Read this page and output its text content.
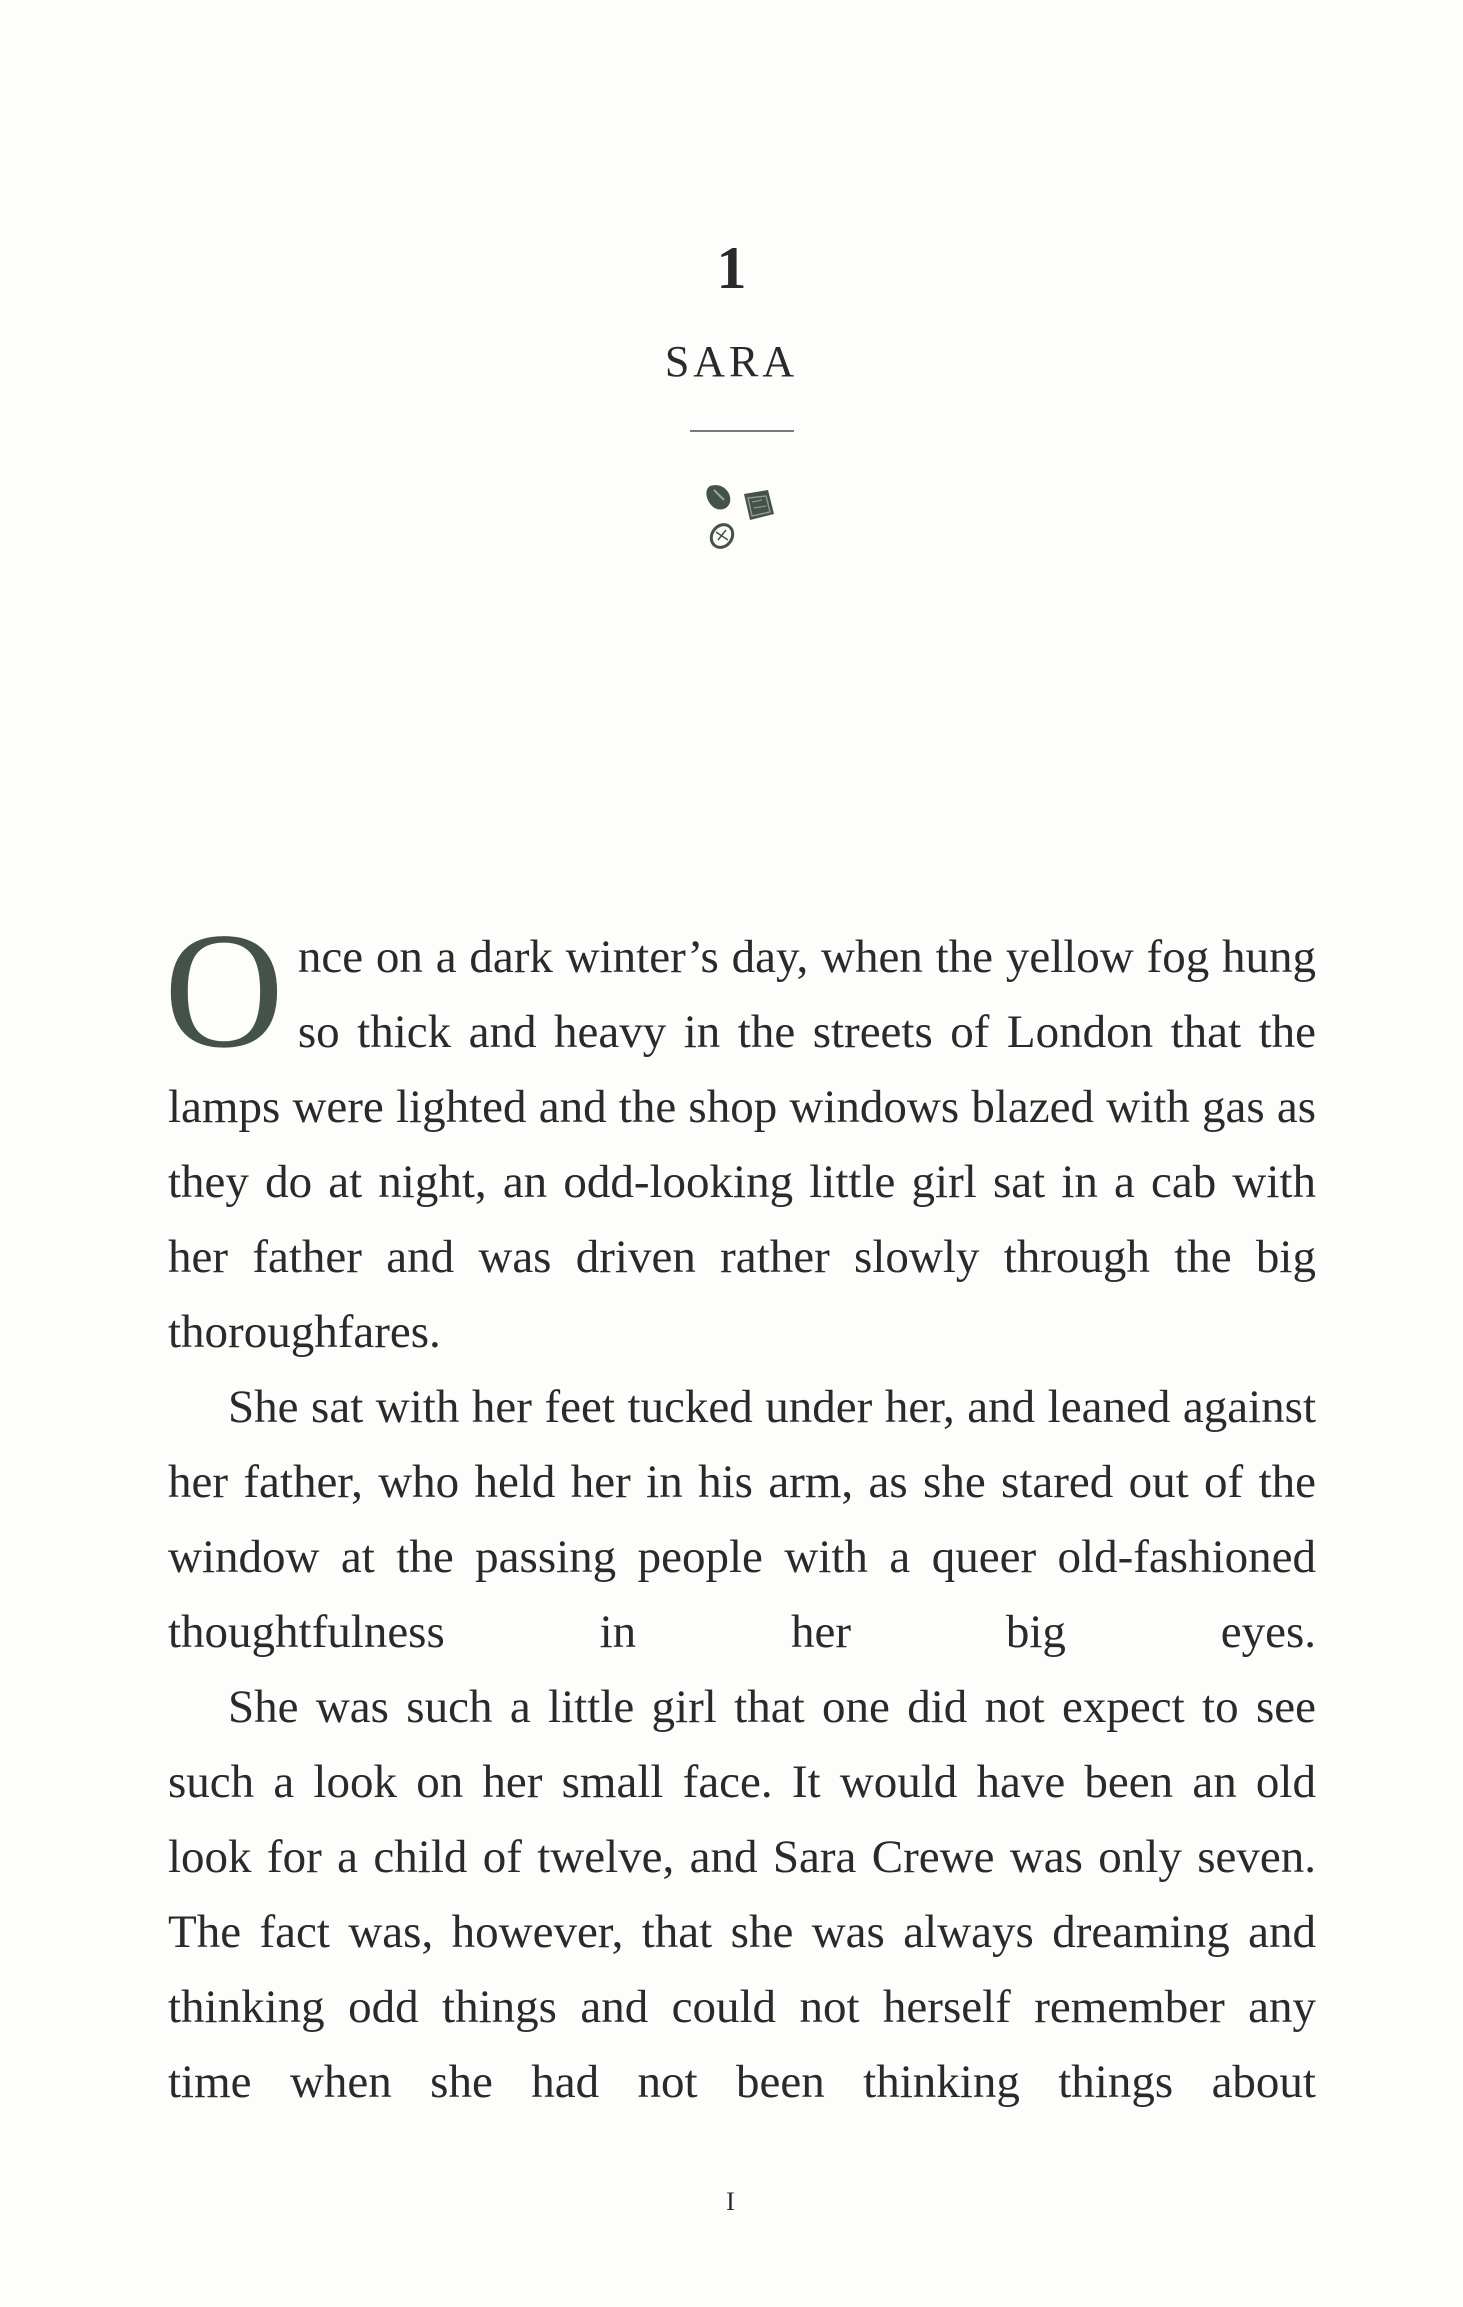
1
SARA

Once on a dark winter’s day, when the yellow fog hung so thick and heavy in the streets of London that the lamps were lighted and the shop windows blazed with gas as they do at night, an odd-looking little girl sat in a cab with her father and was driven rather slowly through the big thoroughfares.

She sat with her feet tucked under her, and leaned against her father, who held her in his arm, as she stared out of the window at the passing people with a queer old-fashioned thoughtfulness in her big eyes.

She was such a little girl that one did not expect to see such a look on her small face. It would have been an old look for a child of twelve, and Sara Crewe was only seven. The fact was, however, that she was always dreaming and thinking odd things and could not herself remember any time when she had not been thinking things about

I
